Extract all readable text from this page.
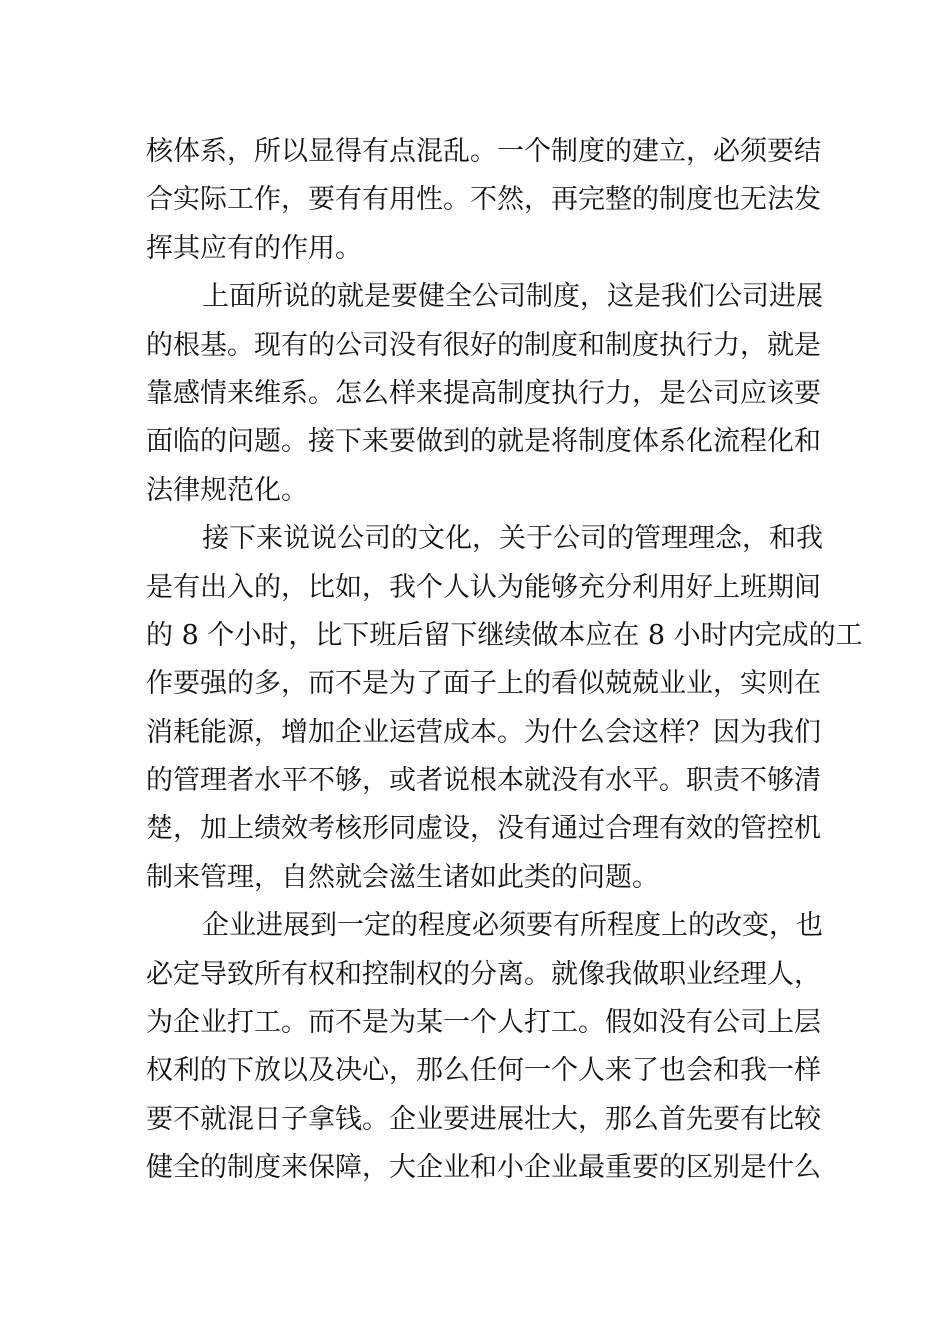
核体系，所以显得有点混乱。一个制度的建立，必须要结
合实际工作，要有有用性。不然，再完整的制度也无法发
挥其应有的作用。
上面所说的就是要健全公司制度，这是我们公司进展
的根基。现有的公司没有很好的制度和制度执行力，就是
靠感情来维系。怎么样来提高制度执行力，是公司应该要
面临的问题。接下来要做到的就是将制度体系化流程化和
法律规范化。
接下来说说公司的文化，关于公司的管理理念，和我
是有出入的，比如，我个人认为能够充分利用好上班期间
的 8 个小时，比下班后留下继续做本应在 8 小时内完成的工
作要强的多，而不是为了面子上的看似兢兢业业，实则在
消耗能源，增加企业运营成本。为什么会这样？因为我们
的管理者水平不够，或者说根本就没有水平。职责不够清
楚，加上绩效考核形同虚设，没有通过合理有效的管控机
制来管理，自然就会滋生诸如此类的问题。
企业进展到一定的程度必须要有所程度上的改变，也
必定导致所有权和控制权的分离。就像我做职业经理人，
为企业打工。而不是为某一个人打工。假如没有公司上层
权利的下放以及决心，那么任何一个人来了也会和我一样
要不就混日子拿钱。企业要进展壮大，那么首先要有比较
健全的制度来保障，大企业和小企业最重要的区别是什么
